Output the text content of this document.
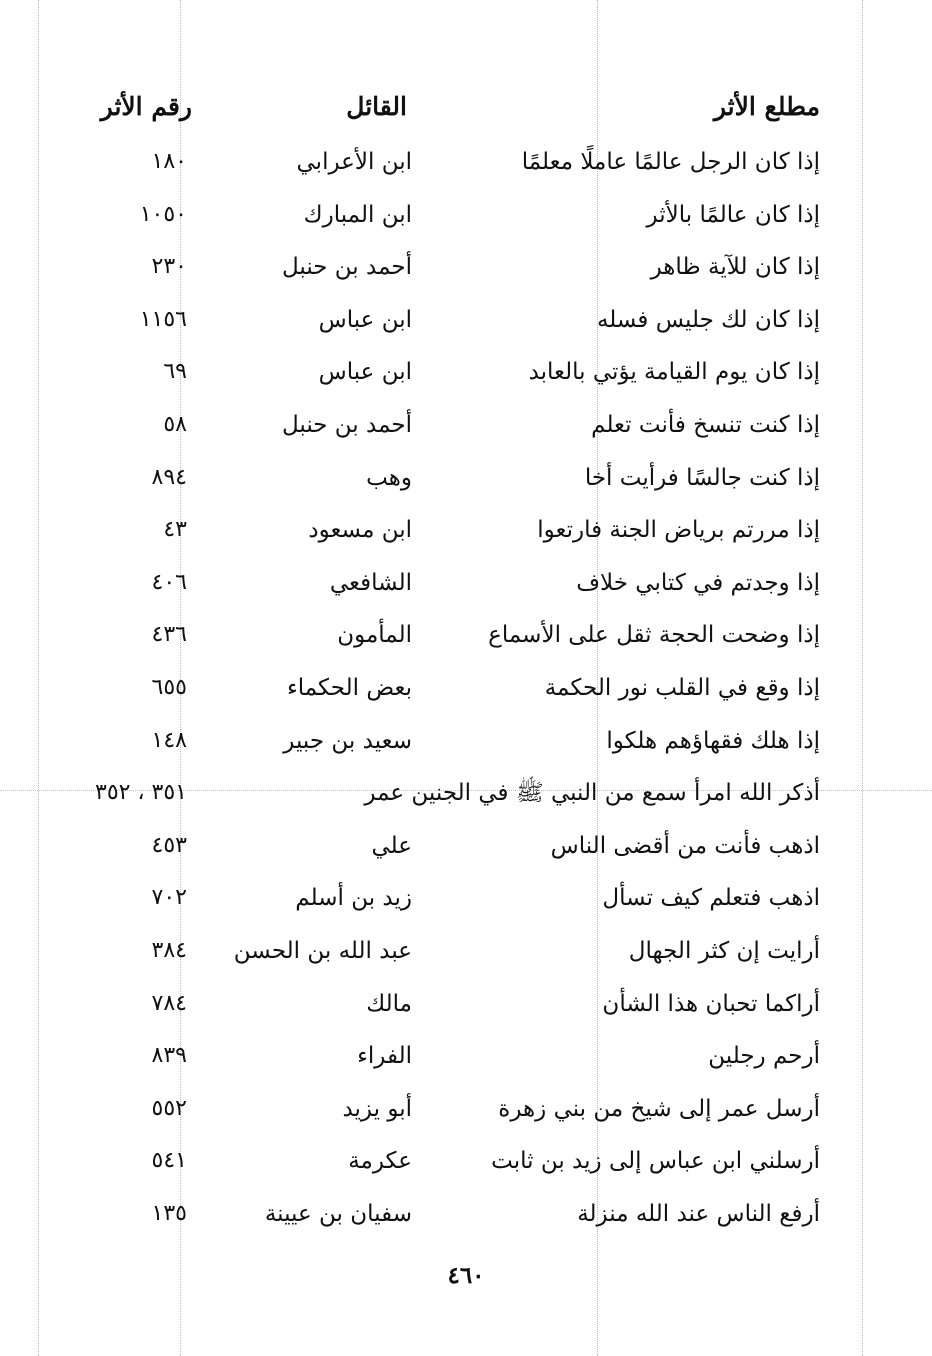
مطلع الأثر
القائل
رقم الأثر
إذا كان الرجل عالمًا عاملًا معلمًا
ابن الأعرابي
١٨٠
إذا كان عالمًا بالأثر
ابن المبارك
١٠٥٠
إذا كان للآية ظاهر
أحمد بن حنبل
٢٣٠
إذا كان لك جليس فسله
ابن عباس
١١٥٦
إذا كان يوم القيامة يؤتي بالعابد
ابن عباس
٦٩
إذا كنت تنسخ فأنت تعلم
أحمد بن حنبل
٥٨
إذا كنت جالسًا فرأيت أخا
وهب
٨٩٤
إذا مررتم برياض الجنة فارتعوا
ابن مسعود
٤٣
إذا وجدتم في كتابي خلاف
الشافعي
٤٠٦
إذا وضحت الحجة ثقل على الأسماع
المأمون
٤٣٦
إذا وقع في القلب نور الحكمة
بعض الحكماء
٦٥٥
إذا هلك فقهاؤهم هلكوا
سعيد بن جبير
١٤٨
أذكر الله امرأ سمع من النبي ﷺ في الجنين عمر
٣٥١ ، ٣٥٢
اذهب فأنت من أقضى الناس
علي
٤٥٣
اذهب فتعلم كيف تسأل
زيد بن أسلم
٧٠٢
أرايت إن كثر الجهال
عبد الله بن الحسن
٣٨٤
أراكما تحبان هذا الشأن
مالك
٧٨٤
أرحم رجلين
الفراء
٨٣٩
أرسل عمر إلى شيخ من بني زهرة
أبو يزيد
٥٥٢
أرسلني ابن عباس إلى زيد بن ثابت
عكرمة
٥٤١
أرفع الناس عند الله منزلة
سفيان بن عيينة
١٣٥
٤٦٠
